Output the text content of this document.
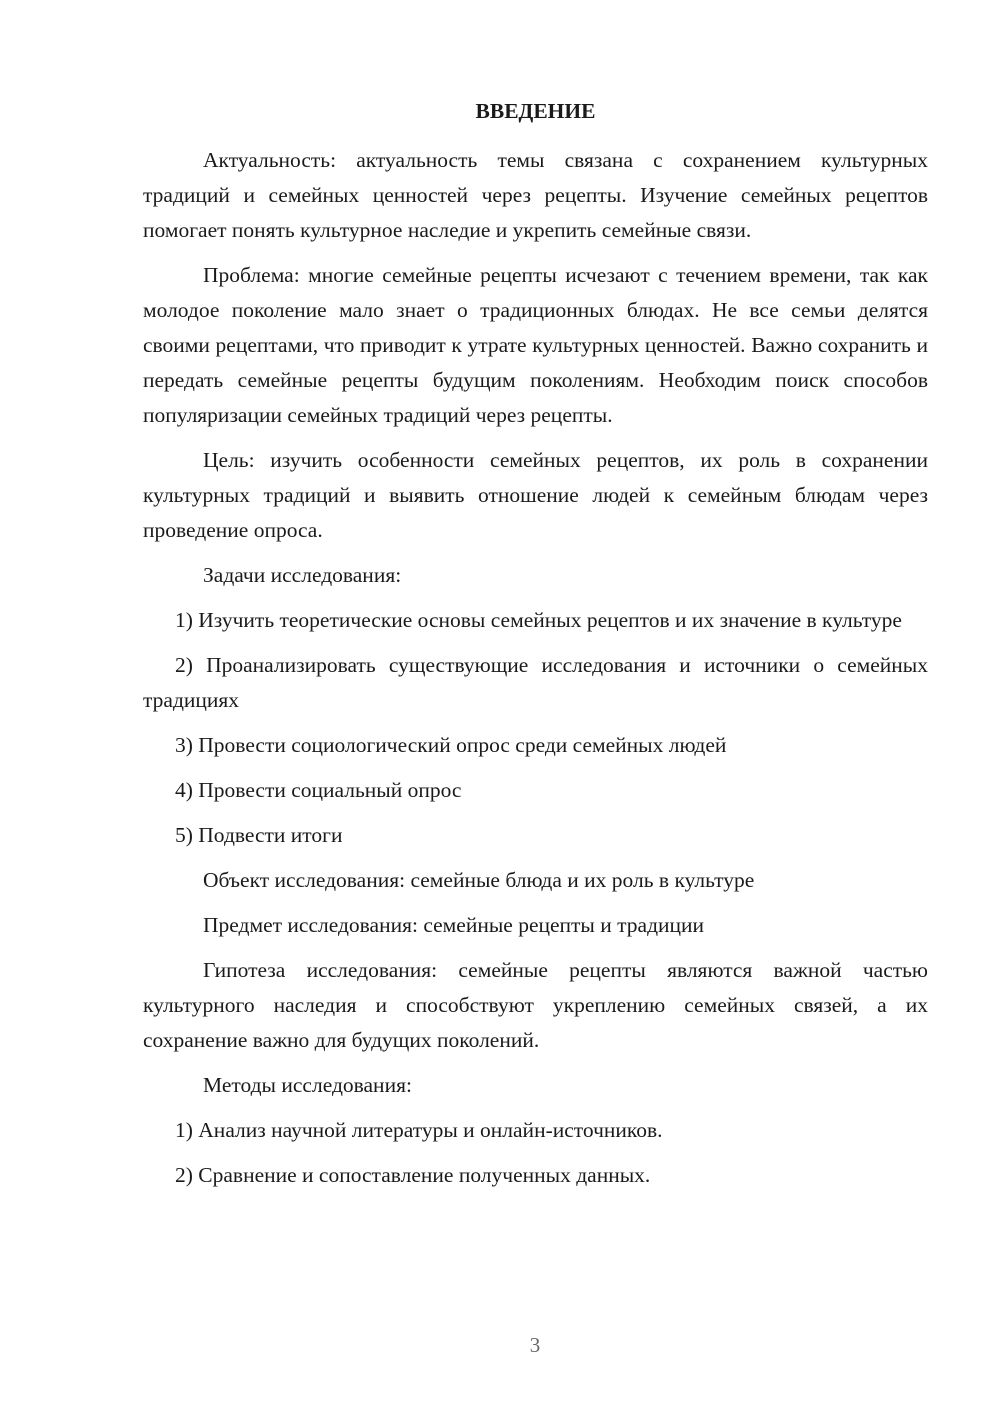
ВВЕДЕНИЕ

Актуальность: актуальность темы связана с сохранением культурных традиций и семейных ценностей через рецепты. Изучение семейных рецептов помогает понять культурное наследие и укрепить семейные связи.

Проблема: многие семейные рецепты исчезают с течением времени, так как молодое поколение мало знает о традиционных блюдах. Не все семьи делятся своими рецептами, что приводит к утрате культурных ценностей. Важно сохранить и передать семейные рецепты будущим поколениям. Необходим поиск способов популяризации семейных традиций через рецепты.

Цель: изучить особенности семейных рецептов, их роль в сохранении культурных традиций и выявить отношение людей к семейным блюдам через проведение опроса.

Задачи исследования:

1) Изучить теоретические основы семейных рецептов и их значение в культуре

2) Проанализировать существующие исследования и источники о семейных традициях

3) Провести социологический опрос среди семейных людей

4) Провести социальный опрос

5) Подвести итоги

Объект исследования: семейные блюда и их роль в культуре

Предмет исследования: семейные рецепты и традиции

Гипотеза исследования: семейные рецепты являются важной частью культурного наследия и способствуют укреплению семейных связей, а их сохранение важно для будущих поколений.

Методы исследования:

1) Анализ научной литературы и онлайн-источников.

2) Сравнение и сопоставление полученных данных.

3
